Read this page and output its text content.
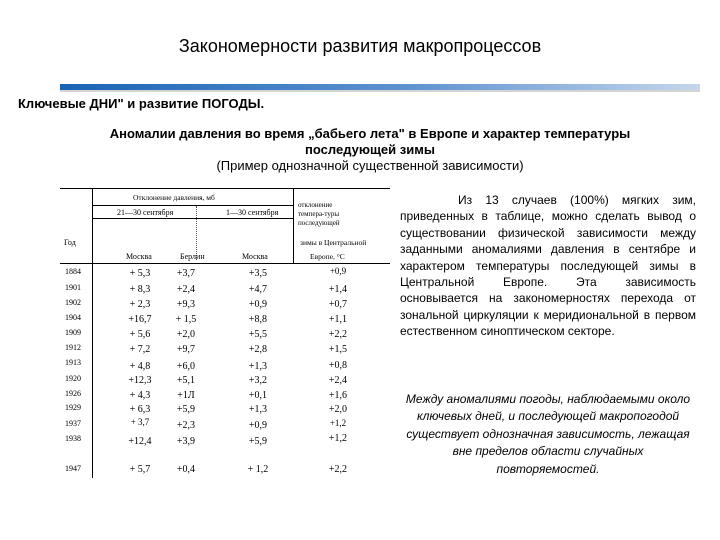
Закономерности развития макропроцессов
Ключевые ДНИ" и развитие ПОГОДЫ.
Аномалии давления во время „бабьего лета" в Европе и характер температуры
последующей зимы
(Пример однозначной существенной зависимости)
Отклонение давления, мб
21—30 сентября	1—30 сентября
отклонение
темпера-туры
последующей
зимы в Центральной
Год
Москва	Берлин	Москва	Европе, °С
1884	+ 5,3	+3,7	+3,5	+0,9
1901	+ 8,3	+2,4	+4,7	+1,4
1902	+ 2,3	+9,3	+0,9	+0,7
1904	+16,7	+ 1,5	+8,8	+1,1
1909	+ 5,6	+2,0	+5,5	+2,2
1912	+ 7,2	+9,7	+2,8	+1,5
1913	+ 4,8	+6,0	+1,3	+0,8
1920	+12,3	+5,1	+3,2	+2,4
1926	+ 4,3	+1Л	+0,1	+1,6
1929	+ 6,3	+5,9	+1,3	+2,0
1937	+ 3,7	+2,3	+0,9	+1,2
1938	+12,4	+3,9	+5,9	+1,2
1947	+ 5,7	+0,4	+ 1,2	+2,2
Из 13 случаев (100%) мягких зим, приведенных в таблице, можно сделать вывод о существовании физической зависимости между заданными аномалиями давления в сентябре и характером температуры последующей зимы в Центральной Европе. Эта зависимость основывается на закономерностях перехода от зональной циркуляции к меридиональной в первом естественном синоптическом секторе.
Между аномалиями погоды, наблюдаемыми около ключевых дней, и последующей макропогодой существует однозначная зависимость, лежащая вне пределов области случайных повторяемостей.
